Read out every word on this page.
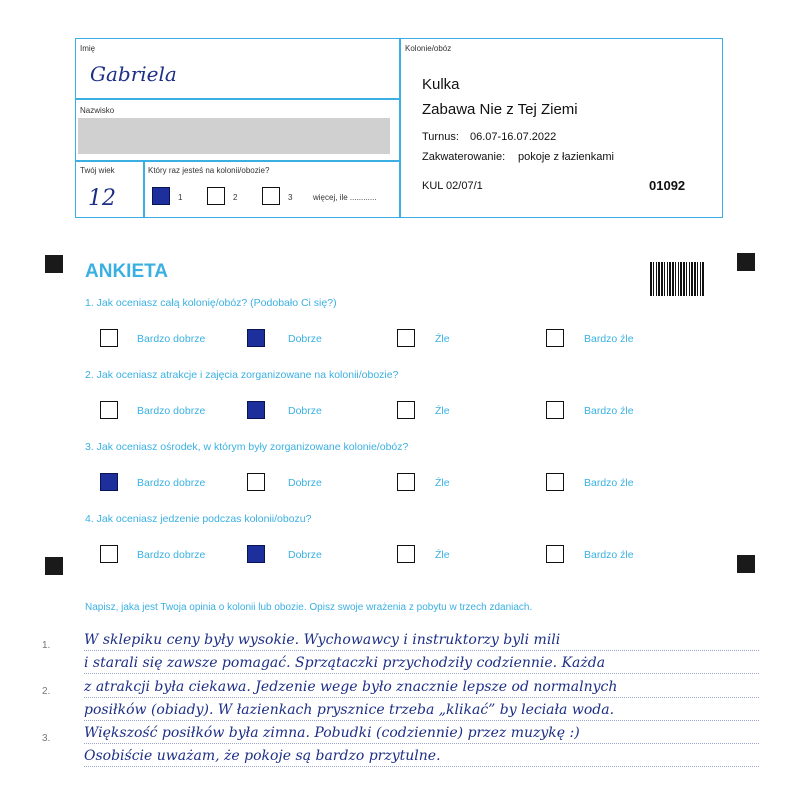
Imię
Gabriela
Nazwisko
Twój wiek
12
Który raz jesteś na kolonii/obozie?
1	2	3	więcej, ile ............
Kolonie/obóz
Kulka
Zabawa Nie z Tej Ziemi
Turnus: 06.07-16.07.2022
Zakwaterowanie: pokoje z łazienkami
KUL 02/07/1	01092
ANKIETA
1. Jak oceniasz całą kolonię/obóz? (Podobało Ci się?)
Bardzo dobrze	Dobrze	Źle	Bardzo źle
2. Jak oceniasz atrakcje i zajęcia zorganizowane na kolonii/obozie?
Bardzo dobrze	Dobrze	Źle	Bardzo źle
3. Jak oceniasz ośrodek, w którym były zorganizowane kolonie/obóz?
Bardzo dobrze	Dobrze	Źle	Bardzo źle
4. Jak oceniasz jedzenie podczas kolonii/obozu?
Bardzo dobrze	Dobrze	Źle	Bardzo źle
Napisz, jaka jest Twoja opinia o kolonii lub obozie. Opisz swoje wrażenia z pobytu w trzech zdaniach.
1.
2.
3.
W sklepiku ceny były wysokie. Wychowawcy i instruktorzy byli mili
i starali się zawsze pomagać. Sprzątaczki przychodziły codziennie. Każda
z atrakcji była ciekawa. Jedzenie wege było znacznie lepsze od normalnych
posiłków (obiady). W łazienkach prysznice trzeba „klikać” by leciała woda.
Większość posiłków była zimna. Pobudki (codziennie) przez muzykę :)
Osobiście uważam, że pokoje są bardzo przytulne.
